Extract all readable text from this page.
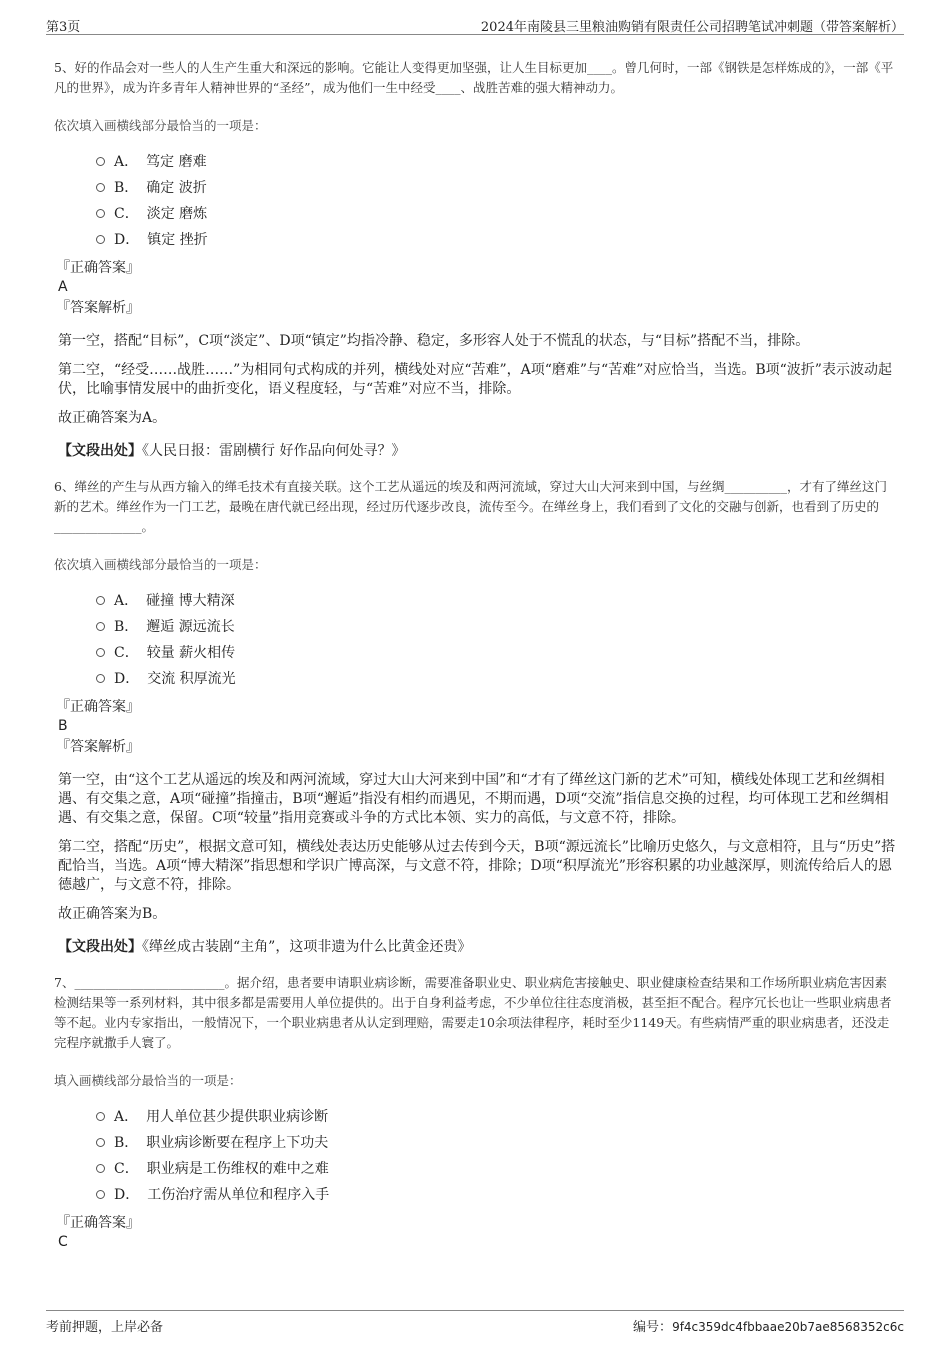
第3页	2024年南陵县三里粮油购销有限责任公司招聘笔试冲刺题（带答案解析）

5、好的作品会对一些人的人生产生重大和深远的影响。它能让人变得更加坚强，让人生目标更加____。曾几何时，一部《钢铁是怎样炼成的》，一部《平凡的世界》，成为许多青年人精神世界的“圣经”，成为他们一生中经受____、战胜苦难的强大精神动力。

依次填入画横线部分最恰当的一项是：

A． 笃定 磨难
B． 确定 波折
C． 淡定 磨炼
D． 镇定 挫折
『正确答案』
A
『答案解析』

第一空，搭配“目标”，C项“淡定”、D项“镇定”均指冷静、稳定，多形容人处于不慌乱的状态，与“目标”搭配不当，排除。

第二空，“经受……战胜……”为相同句式构成的并列，横线处对应“苦难”，A项“磨难”与“苦难”对应恰当，当选。B项“波折”表示波动起伏，比喻事情发展中的曲折变化，语义程度轻，与“苦难”对应不当，排除。

故正确答案为A。

【文段出处】《人民日报：雷剧横行 好作品向何处寻？》

6、缂丝的产生与从西方输入的缂毛技术有直接关联。这个工艺从遥远的埃及和两河流域，穿过大山大河来到中国，与丝绸__________，才有了缂丝这门新的艺术。缂丝作为一门工艺，最晚在唐代就已经出现，经过历代逐步改良，流传至今。在缂丝身上，我们看到了文化的交融与创新，也看到了历史的______________。

依次填入画横线部分最恰当的一项是：

A． 碰撞 博大精深
B． 邂逅 源远流长
C． 较量 薪火相传
D． 交流 积厚流光
『正确答案』
B
『答案解析』

第一空，由“这个工艺从遥远的埃及和两河流域，穿过大山大河来到中国”和“才有了缂丝这门新的艺术”可知，横线处体现工艺和丝绸相遇、有交集之意，A项“碰撞”指撞击，B项“邂逅”指没有相约而遇见，不期而遇，D项“交流”指信息交换的过程，均可体现工艺和丝绸相遇、有交集之意，保留。C项“较量”指用竞赛或斗争的方式比本领、实力的高低，与文意不符，排除。

第二空，搭配“历史”，根据文意可知，横线处表达历史能够从过去传到今天，B项“源远流长”比喻历史悠久，与文意相符，且与“历史”搭配恰当，当选。A项“博大精深”指思想和学识广博高深，与文意不符，排除；D项“积厚流光”形容积累的功业越深厚，则流传给后人的恩德越广，与文意不符，排除。

故正确答案为B。

【文段出处】《缂丝成古装剧“主角”，这项非遗为什么比黄金还贵》

7、________________________。据介绍，患者要申请职业病诊断，需要准备职业史、职业病危害接触史、职业健康检查结果和工作场所职业病危害因素检测结果等一系列材料，其中很多都是需要用人单位提供的。出于自身利益考虑，不少单位往往态度消极，甚至拒不配合。程序冗长也让一些职业病患者等不起。业内专家指出，一般情况下，一个职业病患者从认定到理赔，需要走10余项法律程序，耗时至少1149天。有些病情严重的职业病患者，还没走完程序就撒手人寰了。

填入画横线部分最恰当的一项是：

A． 用人单位甚少提供职业病诊断
B． 职业病诊断要在程序上下功夫
C． 职业病是工伤维权的难中之难
D． 工伤治疗需从单位和程序入手
『正确答案』
C
考前押题，上岸必备	编号：9f4c359dc4fbbaae20b7ae8568352c6c
